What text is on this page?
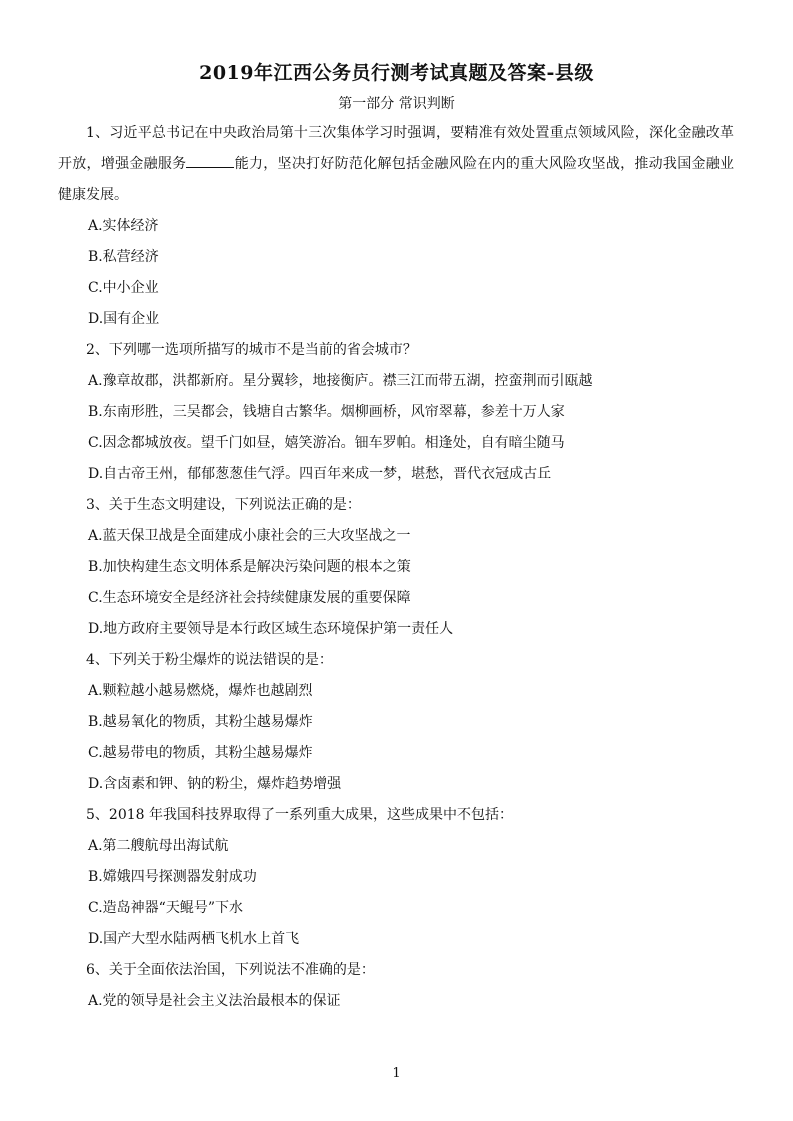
2019年江西公务员行测考试真题及答案-县级

第一部分 常识判断

1、习近平总书记在中央政治局第十三次集体学习时强调，要精准有效处置重点领域风险，深化金融改革开放，增强金融服务	能力，坚决打好防范化解包括金融风险在内的重大风险攻坚战，推动我国金融业健康发展。

A.实体经济

B.私营经济

C.中小企业

D.国有企业

2、下列哪一选项所描写的城市不是当前的省会城市？

A.豫章故郡，洪都新府。星分翼轸，地接衡庐。襟三江而带五湖，控蛮荆而引瓯越

B.东南形胜，三吴都会，钱塘自古繁华。烟柳画桥，风帘翠幕，参差十万人家

C.因念都城放夜。望千门如昼，嬉笑游冶。钿车罗帕。相逢处，自有暗尘随马

D.自古帝王州，郁郁葱葱佳气浮。四百年来成一梦，堪愁，晋代衣冠成古丘

3、关于生态文明建设，下列说法正确的是：

A.蓝天保卫战是全面建成小康社会的三大攻坚战之一

B.加快构建生态文明体系是解决污染问题的根本之策

C.生态环境安全是经济社会持续健康发展的重要保障

D.地方政府主要领导是本行政区域生态环境保护第一责任人

4、下列关于粉尘爆炸的说法错误的是：

A.颗粒越小越易燃烧，爆炸也越剧烈

B.越易氧化的物质，其粉尘越易爆炸

C.越易带电的物质，其粉尘越易爆炸

D.含卤素和钾、钠的粉尘，爆炸趋势增强

5、2018 年我国科技界取得了一系列重大成果，这些成果中不包括：

A.第二艘航母出海试航

B.嫦娥四号探测器发射成功

C.造岛神器“天鲲号”下水

D.国产大型水陆两栖飞机水上首飞

6、关于全面依法治国，下列说法不准确的是：

A.党的领导是社会主义法治最根本的保证

1
